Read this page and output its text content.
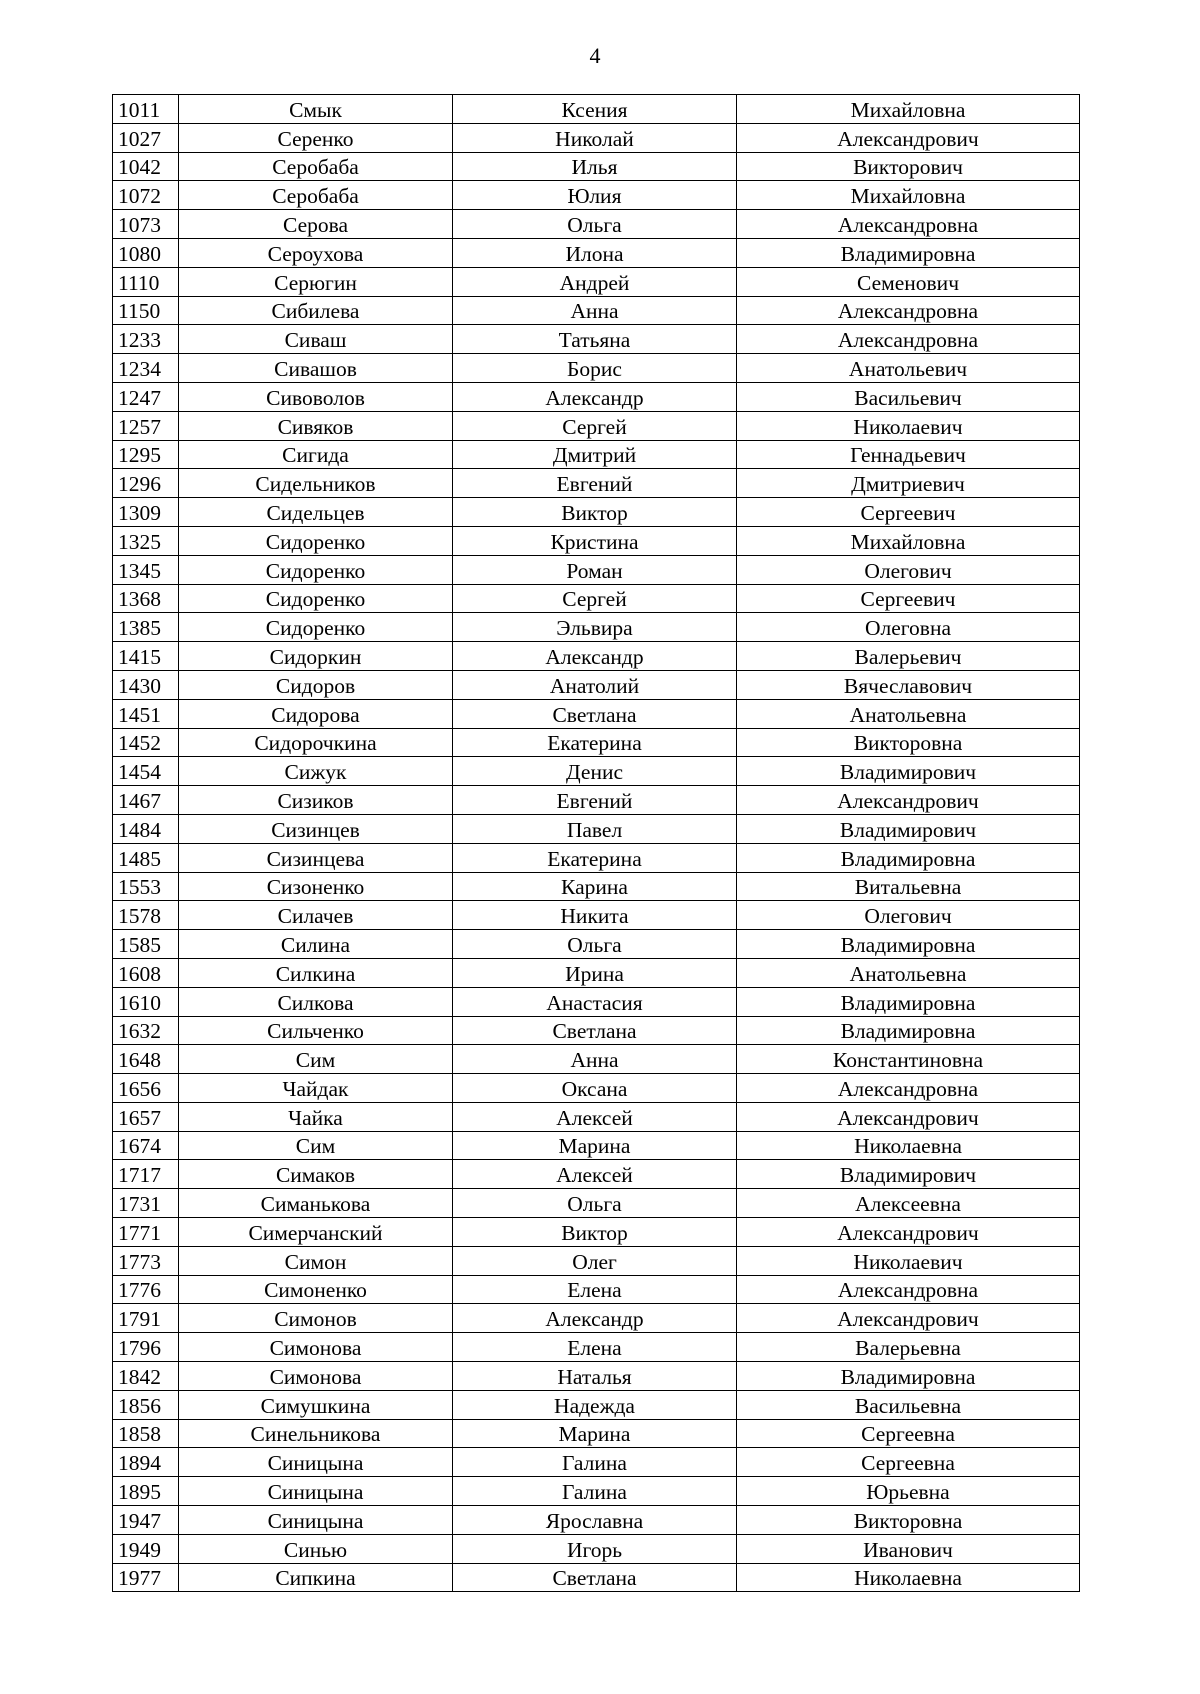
4
1011	Смык	Ксения	Михайловна
1027	Серенко	Николай	Александрович
1042	Серобаба	Илья	Викторович
1072	Серобаба	Юлия	Михайловна
1073	Серова	Ольга	Александровна
1080	Сероухова	Илона	Владимировна
1110	Серюгин	Андрей	Семенович
1150	Сибилева	Анна	Александровна
1233	Сиваш	Татьяна	Александровна
1234	Сивашов	Борис	Анатольевич
1247	Сивоволов	Александр	Васильевич
1257	Сивяков	Сергей	Николаевич
1295	Сигида	Дмитрий	Геннадьевич
1296	Сидельников	Евгений	Дмитриевич
1309	Сидельцев	Виктор	Сергеевич
1325	Сидоренко	Кристина	Михайловна
1345	Сидоренко	Роман	Олегович
1368	Сидоренко	Сергей	Сергеевич
1385	Сидоренко	Эльвира	Олеговна
1415	Сидоркин	Александр	Валерьевич
1430	Сидоров	Анатолий	Вячеславович
1451	Сидорова	Светлана	Анатольевна
1452	Сидорочкина	Екатерина	Викторовна
1454	Сижук	Денис	Владимирович
1467	Сизиков	Евгений	Александрович
1484	Сизинцев	Павел	Владимирович
1485	Сизинцева	Екатерина	Владимировна
1553	Сизоненко	Карина	Витальевна
1578	Силачев	Никита	Олегович
1585	Силина	Ольга	Владимировна
1608	Силкина	Ирина	Анатольевна
1610	Силкова	Анастасия	Владимировна
1632	Сильченко	Светлана	Владимировна
1648	Сим	Анна	Константиновна
1656	Чайдак	Оксана	Александровна
1657	Чайка	Алексей	Александрович
1674	Сим	Марина	Николаевна
1717	Симаков	Алексей	Владимирович
1731	Симанькова	Ольга	Алексеевна
1771	Симерчанский	Виктор	Александрович
1773	Симон	Олег	Николаевич
1776	Симоненко	Елена	Александровна
1791	Симонов	Александр	Александрович
1796	Симонова	Елена	Валерьевна
1842	Симонова	Наталья	Владимировна
1856	Симушкина	Надежда	Васильевна
1858	Синельникова	Марина	Сергеевна
1894	Синицына	Галина	Сергеевна
1895	Синицына	Галина	Юрьевна
1947	Синицына	Ярославна	Викторовна
1949	Синью	Игорь	Иванович
1977	Сипкина	Светлана	Николаевна
